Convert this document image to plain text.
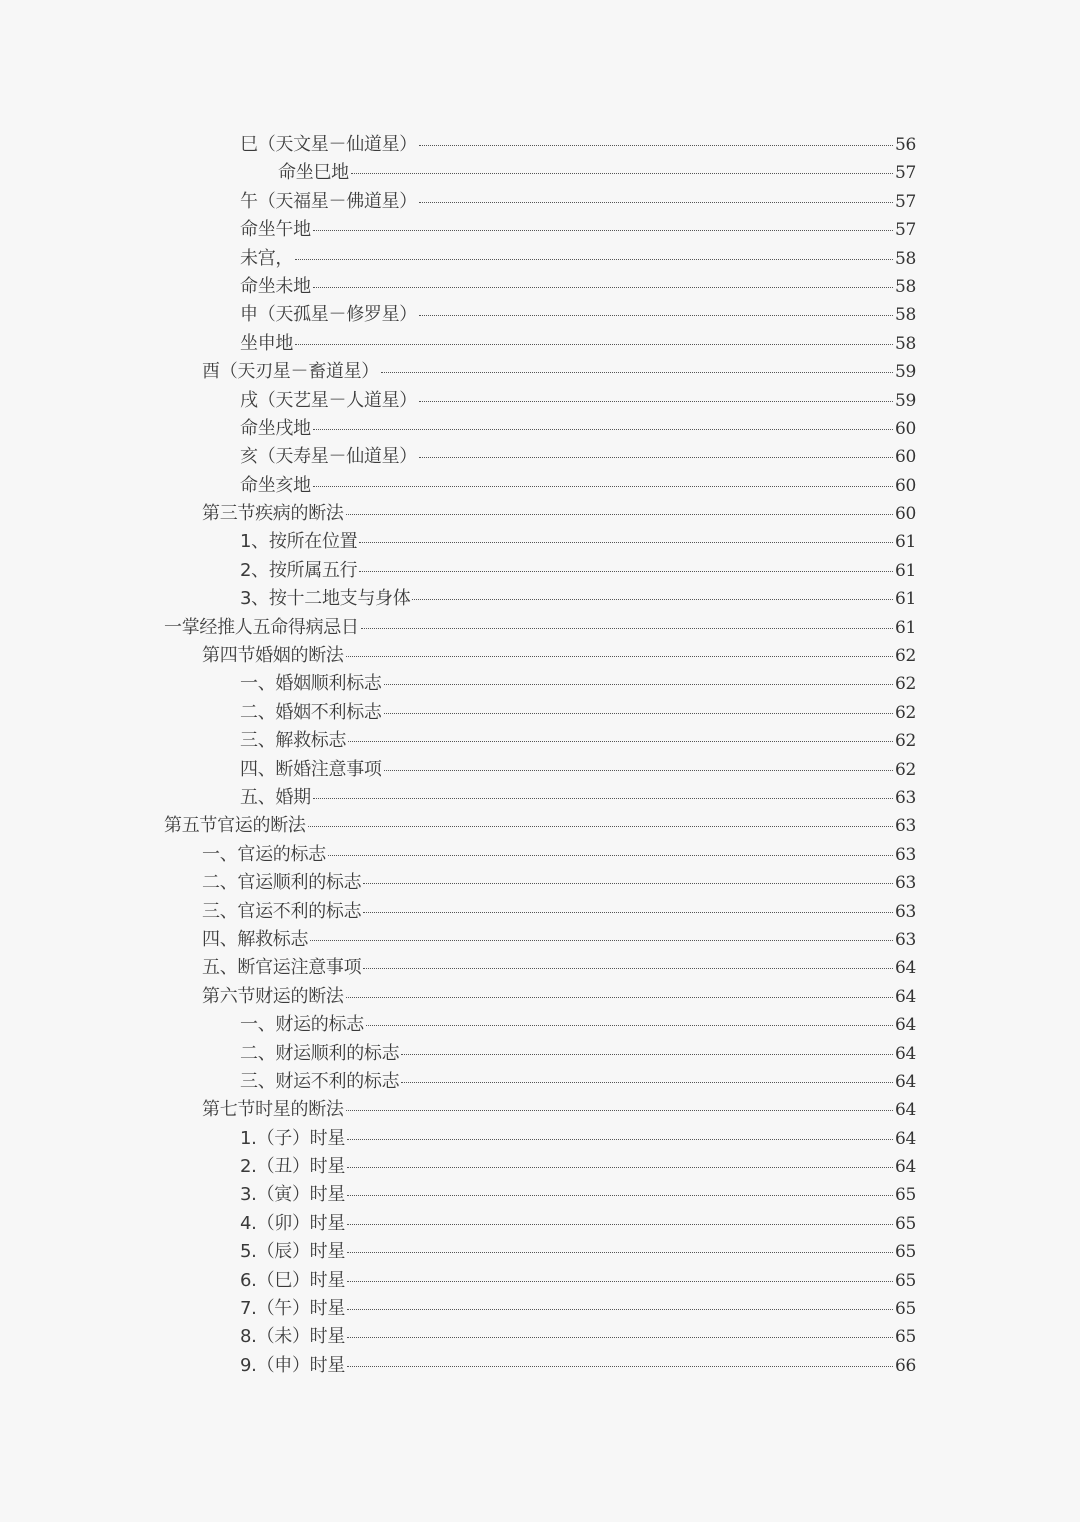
巳（天文星－仙道星）	56
命坐巳地	57
午（天福星－佛道星）	57
命坐午地	57
未宫，	58
命坐未地	58
申（天孤星－修罗星）	58
坐申地	58
酉（天刃星－畜道星）	59
戌（天艺星－人道星）	59
命坐戌地	60
亥（天寿星－仙道星）	60
命坐亥地	60
第三节疾病的断法	60
1、按所在位置	61
2、按所属五行	61
3、按十二地支与身体	61
一掌经推人五命得病忌日	61
第四节婚姻的断法	62
一、婚姻顺利标志	62
二、婚姻不利标志	62
三、解救标志	62
四、断婚注意事项	62
五、婚期	63
第五节官运的断法	63
一、官运的标志	63
二、官运顺利的标志	63
三、官运不利的标志	63
四、解救标志	63
五、断官运注意事项	64
第六节财运的断法	64
一、财运的标志	64
二、财运顺利的标志	64
三、财运不利的标志	64
第七节时星的断法	64
1.（子）时星	64
2.（丑）时星	64
3.（寅）时星	65
4.（卯）时星	65
5.（辰）时星	65
6.（巳）时星	65
7.（午）时星	65
8.（未）时星	65
9.（申）时星	66
